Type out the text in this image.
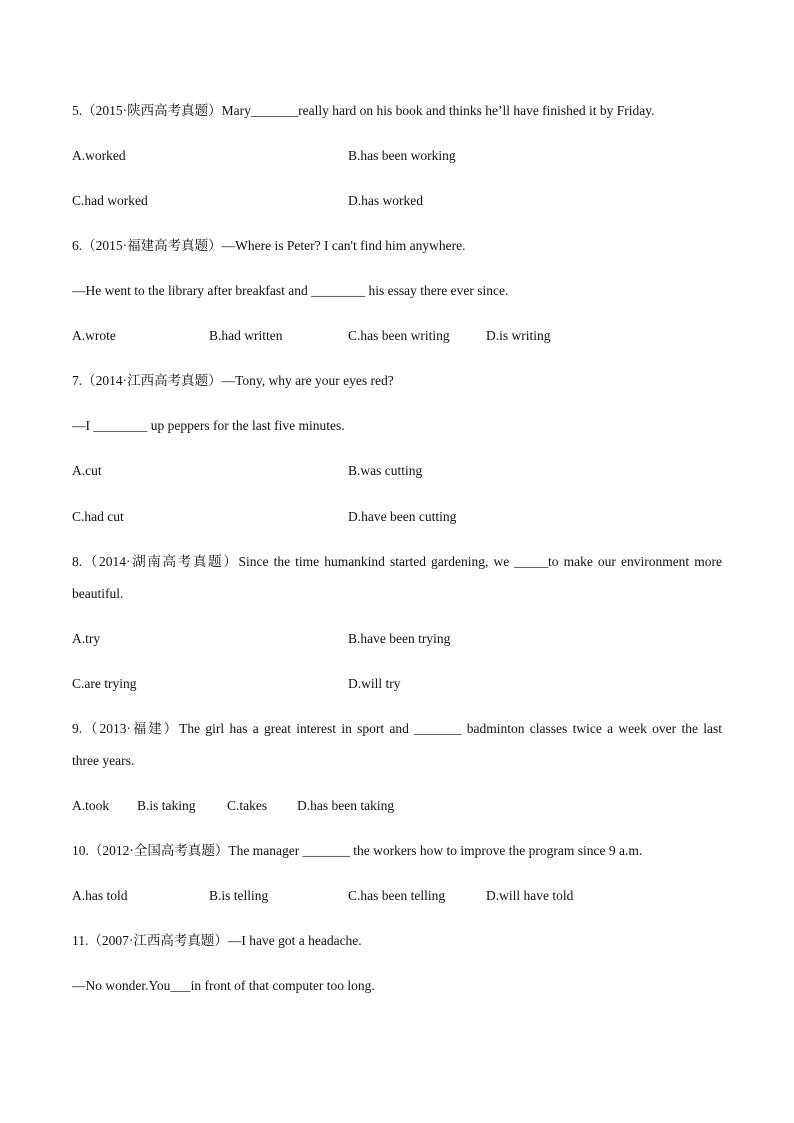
5.（2015·陕西高考真题）Mary_______really hard on his book and thinks he’ll have finished it by Friday.
A.worked	B.has been working
C.had worked	D.has worked
6.（2015·福建高考真题）—Where is Peter? I can't find him anywhere.
—He went to the library after breakfast and ________ his essay there ever since.
A.wrote	B.had written	C.has been writing	D.is writing
7.（2014·江西高考真题）—Tony, why are your eyes red?
—I ________ up peppers for the last five minutes.
A.cut	B.was cutting
C.had cut	D.have been cutting
8.（2014·湖南高考真题）Since the time humankind started gardening, we _____to make our environment more
beautiful.
A.try	B.have been trying
C.are trying	D.will try
9.（2013·福建）The girl has a great interest in sport and _______ badminton classes twice a week over the last
three years.
A.took B.is taking C.takes D.has been taking
10.（2012·全国高考真题）The manager _______ the workers how to improve the program since 9 a.m.
A.has told	B.is telling	C.has been telling	D.will have told
11.（2007·江西高考真题）—I have got a headache.
—No wonder.You___in front of that computer too long.
